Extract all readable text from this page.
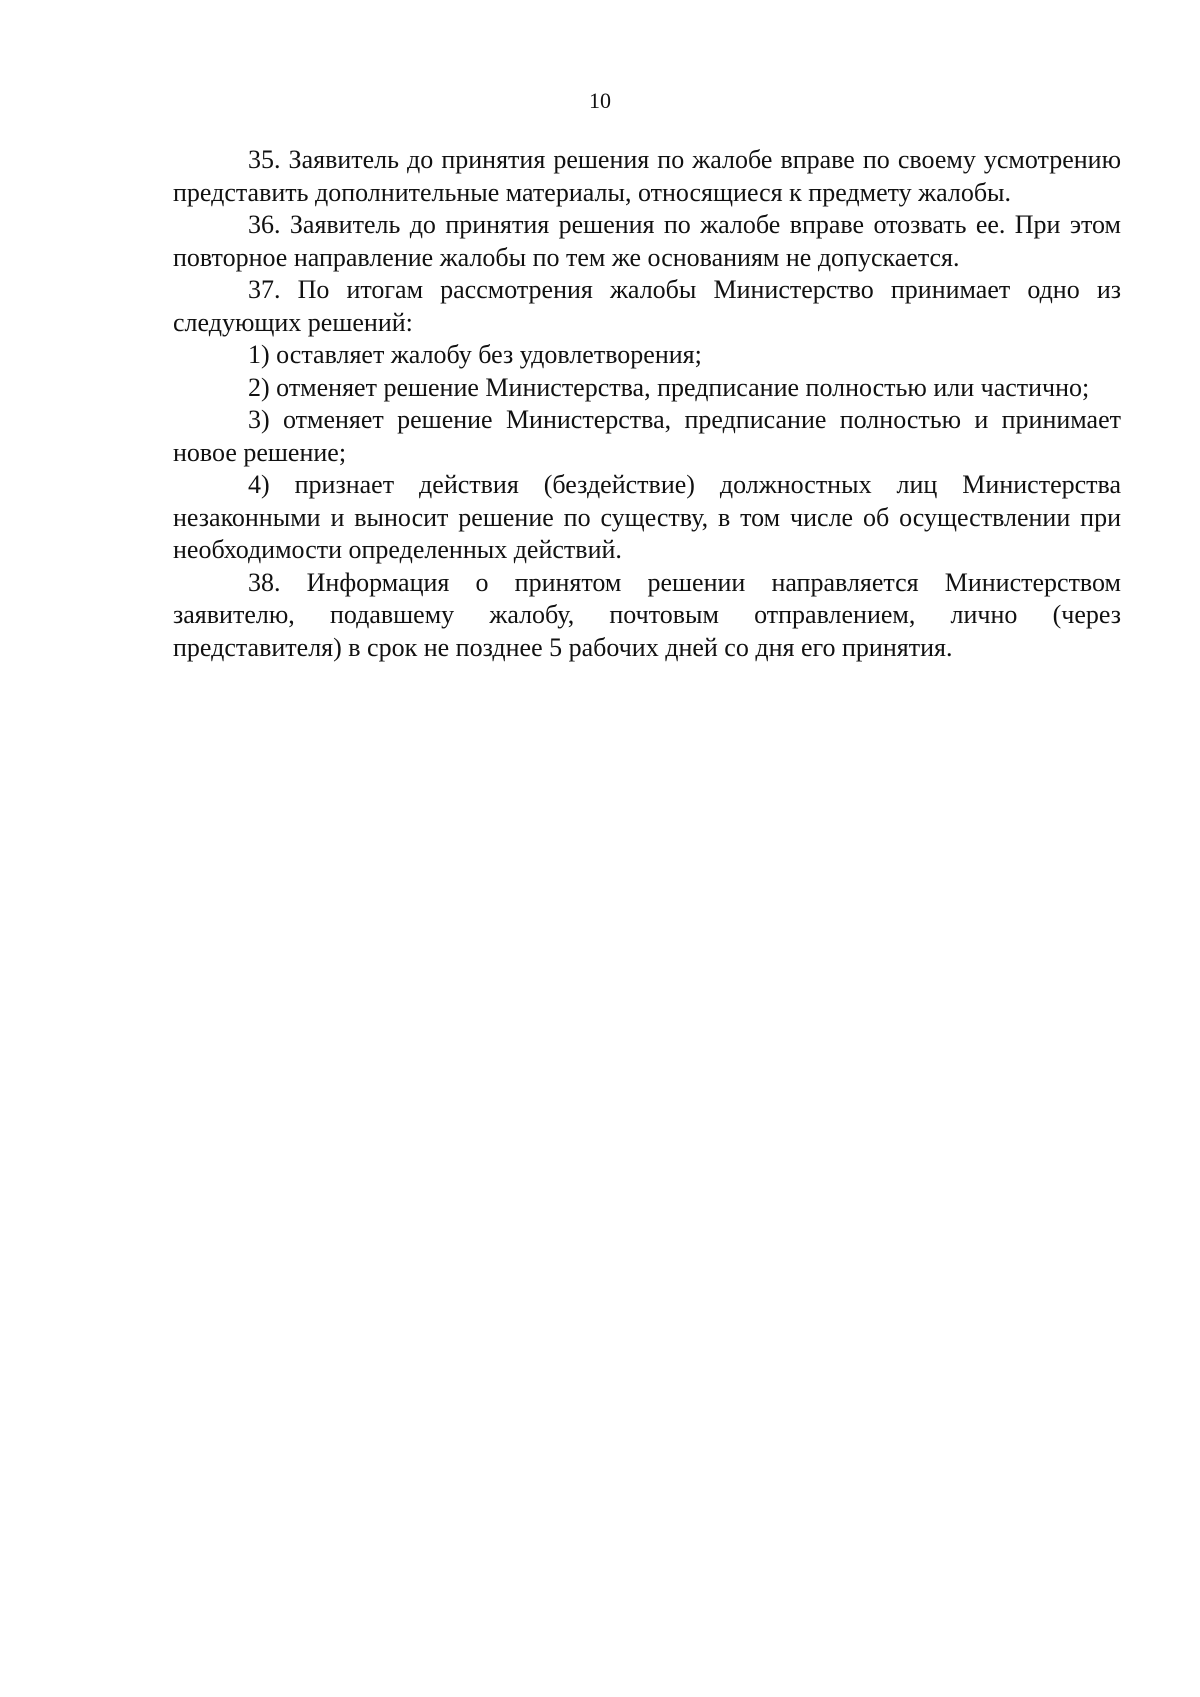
10

35. Заявитель до принятия решения по жалобе вправе по своему усмотрению представить дополнительные материалы, относящиеся к предмету жалобы.

36. Заявитель до принятия решения по жалобе вправе отозвать ее. При этом повторное направление жалобы по тем же основаниям не допускается.

37. По итогам рассмотрения жалобы Министерство принимает одно из следующих решений:

1) оставляет жалобу без удовлетворения;

2) отменяет решение Министерства, предписание полностью или частично;

3) отменяет решение Министерства, предписание полностью и принимает новое решение;

4) признает действия (бездействие) должностных лиц Министерства незаконными и выносит решение по существу, в том числе об осуществлении при необходимости определенных действий.

38. Информация о принятом решении направляется Министерством заявителю, подавшему жалобу, почтовым отправлением, лично (через представителя) в срок не позднее 5 рабочих дней со дня его принятия.
